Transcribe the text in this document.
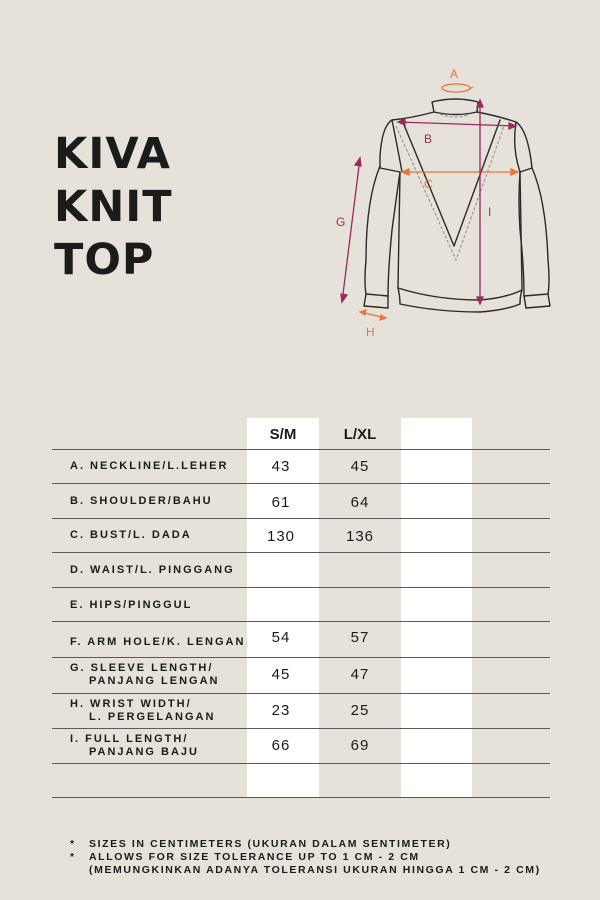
KIVA
KNIT
TOP
A
B
C
G
I
H
S/M	L/XL
A. NECKLINE/L.LEHER	43	45
B. SHOULDER/BAHU	61	64
C. BUST/L. DADA	130	136
D. WAIST/L. PINGGANG
E. HIPS/PINGGUL
F. ARM HOLE/K. LENGAN	54	57
G. SLEEVE LENGTH/
PANJANG LENGAN	45	47
H. WRIST WIDTH/
L. PERGELANGAN	23	25
I. FULL LENGTH/
PANJANG BAJU	66	69
* SIZES IN CENTIMETERS (UKURAN DALAM SENTIMETER)
* ALLOWS FOR SIZE TOLERANCE UP TO 1 CM - 2 CM
(MEMUNGKINKAN ADANYA TOLERANSI UKURAN HINGGA 1 CM - 2 CM)
